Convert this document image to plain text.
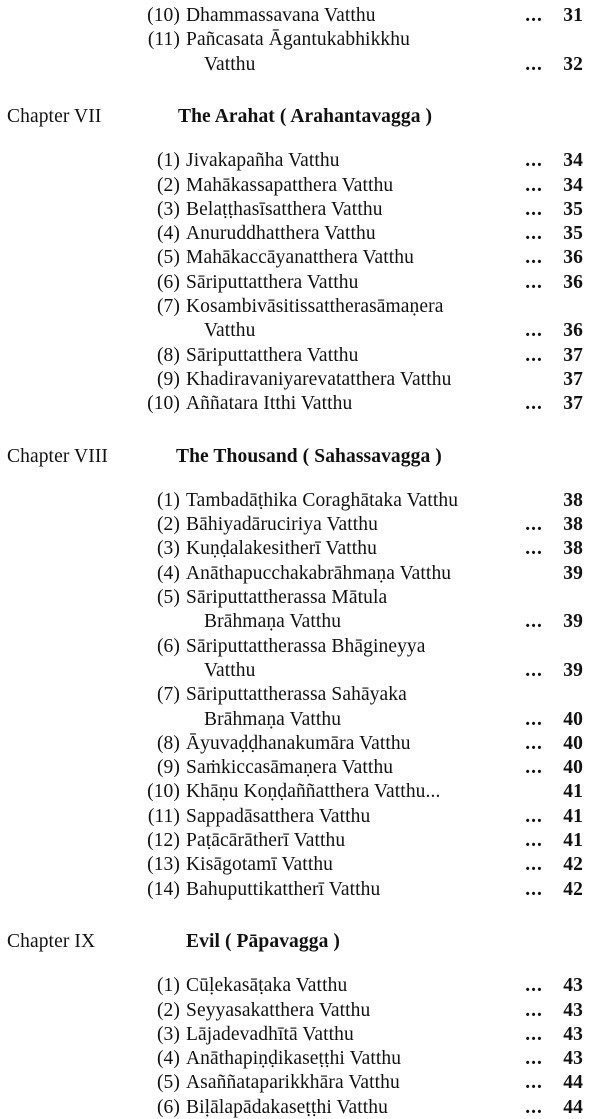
(10) Dhammassavana Vatthu	...	31
(11) Pañcasata Āgantukabhikkhu
Vatthu	...	32
Chapter VII	The Arahat ( Arahantavagga )
(1) Jivakapañha Vatthu	...	34
(2) Mahākassapatthera Vatthu	...	34
(3) Belaṭṭhasīsatthera Vatthu	...	35
(4) Anuruddhatthera Vatthu	...	35
(5) Mahākaccāyanatthera Vatthu	...	36
(6) Sāriputtatthera Vatthu	...	36
(7) Kosambivāsitissattherasāmaṇera
Vatthu	...	36
(8) Sāriputtatthera Vatthu	...	37
(9) Khadiravaniyarevatatthera Vatthu	37
(10) Aññatara Itthi Vatthu	...	37
Chapter VIII	The Thousand ( Sahassavagga )
(1) Tambadāṭhika Coraghātaka Vatthu	38
(2) Bāhiyadāruciriya Vatthu	...	38
(3) Kuṇḍalakesitherī Vatthu	...	38
(4) Anāthapucchakabrāhmaṇa Vatthu	39
(5) Sāriputtattherassa Mātula
Brāhmaṇa Vatthu	...	39
(6) Sāriputtattherassa Bhāgineyya
Vatthu	...	39
(7) Sāriputtattherassa Sahāyaka
Brāhmaṇa Vatthu	...	40
(8) Āyuvaḍḍhanakumāra Vatthu	...	40
(9) Saṁkiccasāmaṇera Vatthu	...	40
(10) Khāṇu Koṇḍaññatthera Vatthu...	41
(11) Sappadāsatthera Vatthu	...	41
(12) Paṭācārātherī Vatthu	...	41
(13) Kisāgotamī Vatthu	...	42
(14) Bahuputtikattherī Vatthu	...	42
Chapter IX	Evil ( Pāpavagga )
(1) Cūḷekasāṭaka Vatthu	...	43
(2) Seyyasakatthera Vatthu	...	43
(3) Lājadevadhītā Vatthu	...	43
(4) Anāthapiṇḍikaseṭṭhi Vatthu	...	43
(5) Asaññataparikkhāra Vatthu	...	44
(6) Biḷālapādakaseṭṭhi Vatthu	...	44
